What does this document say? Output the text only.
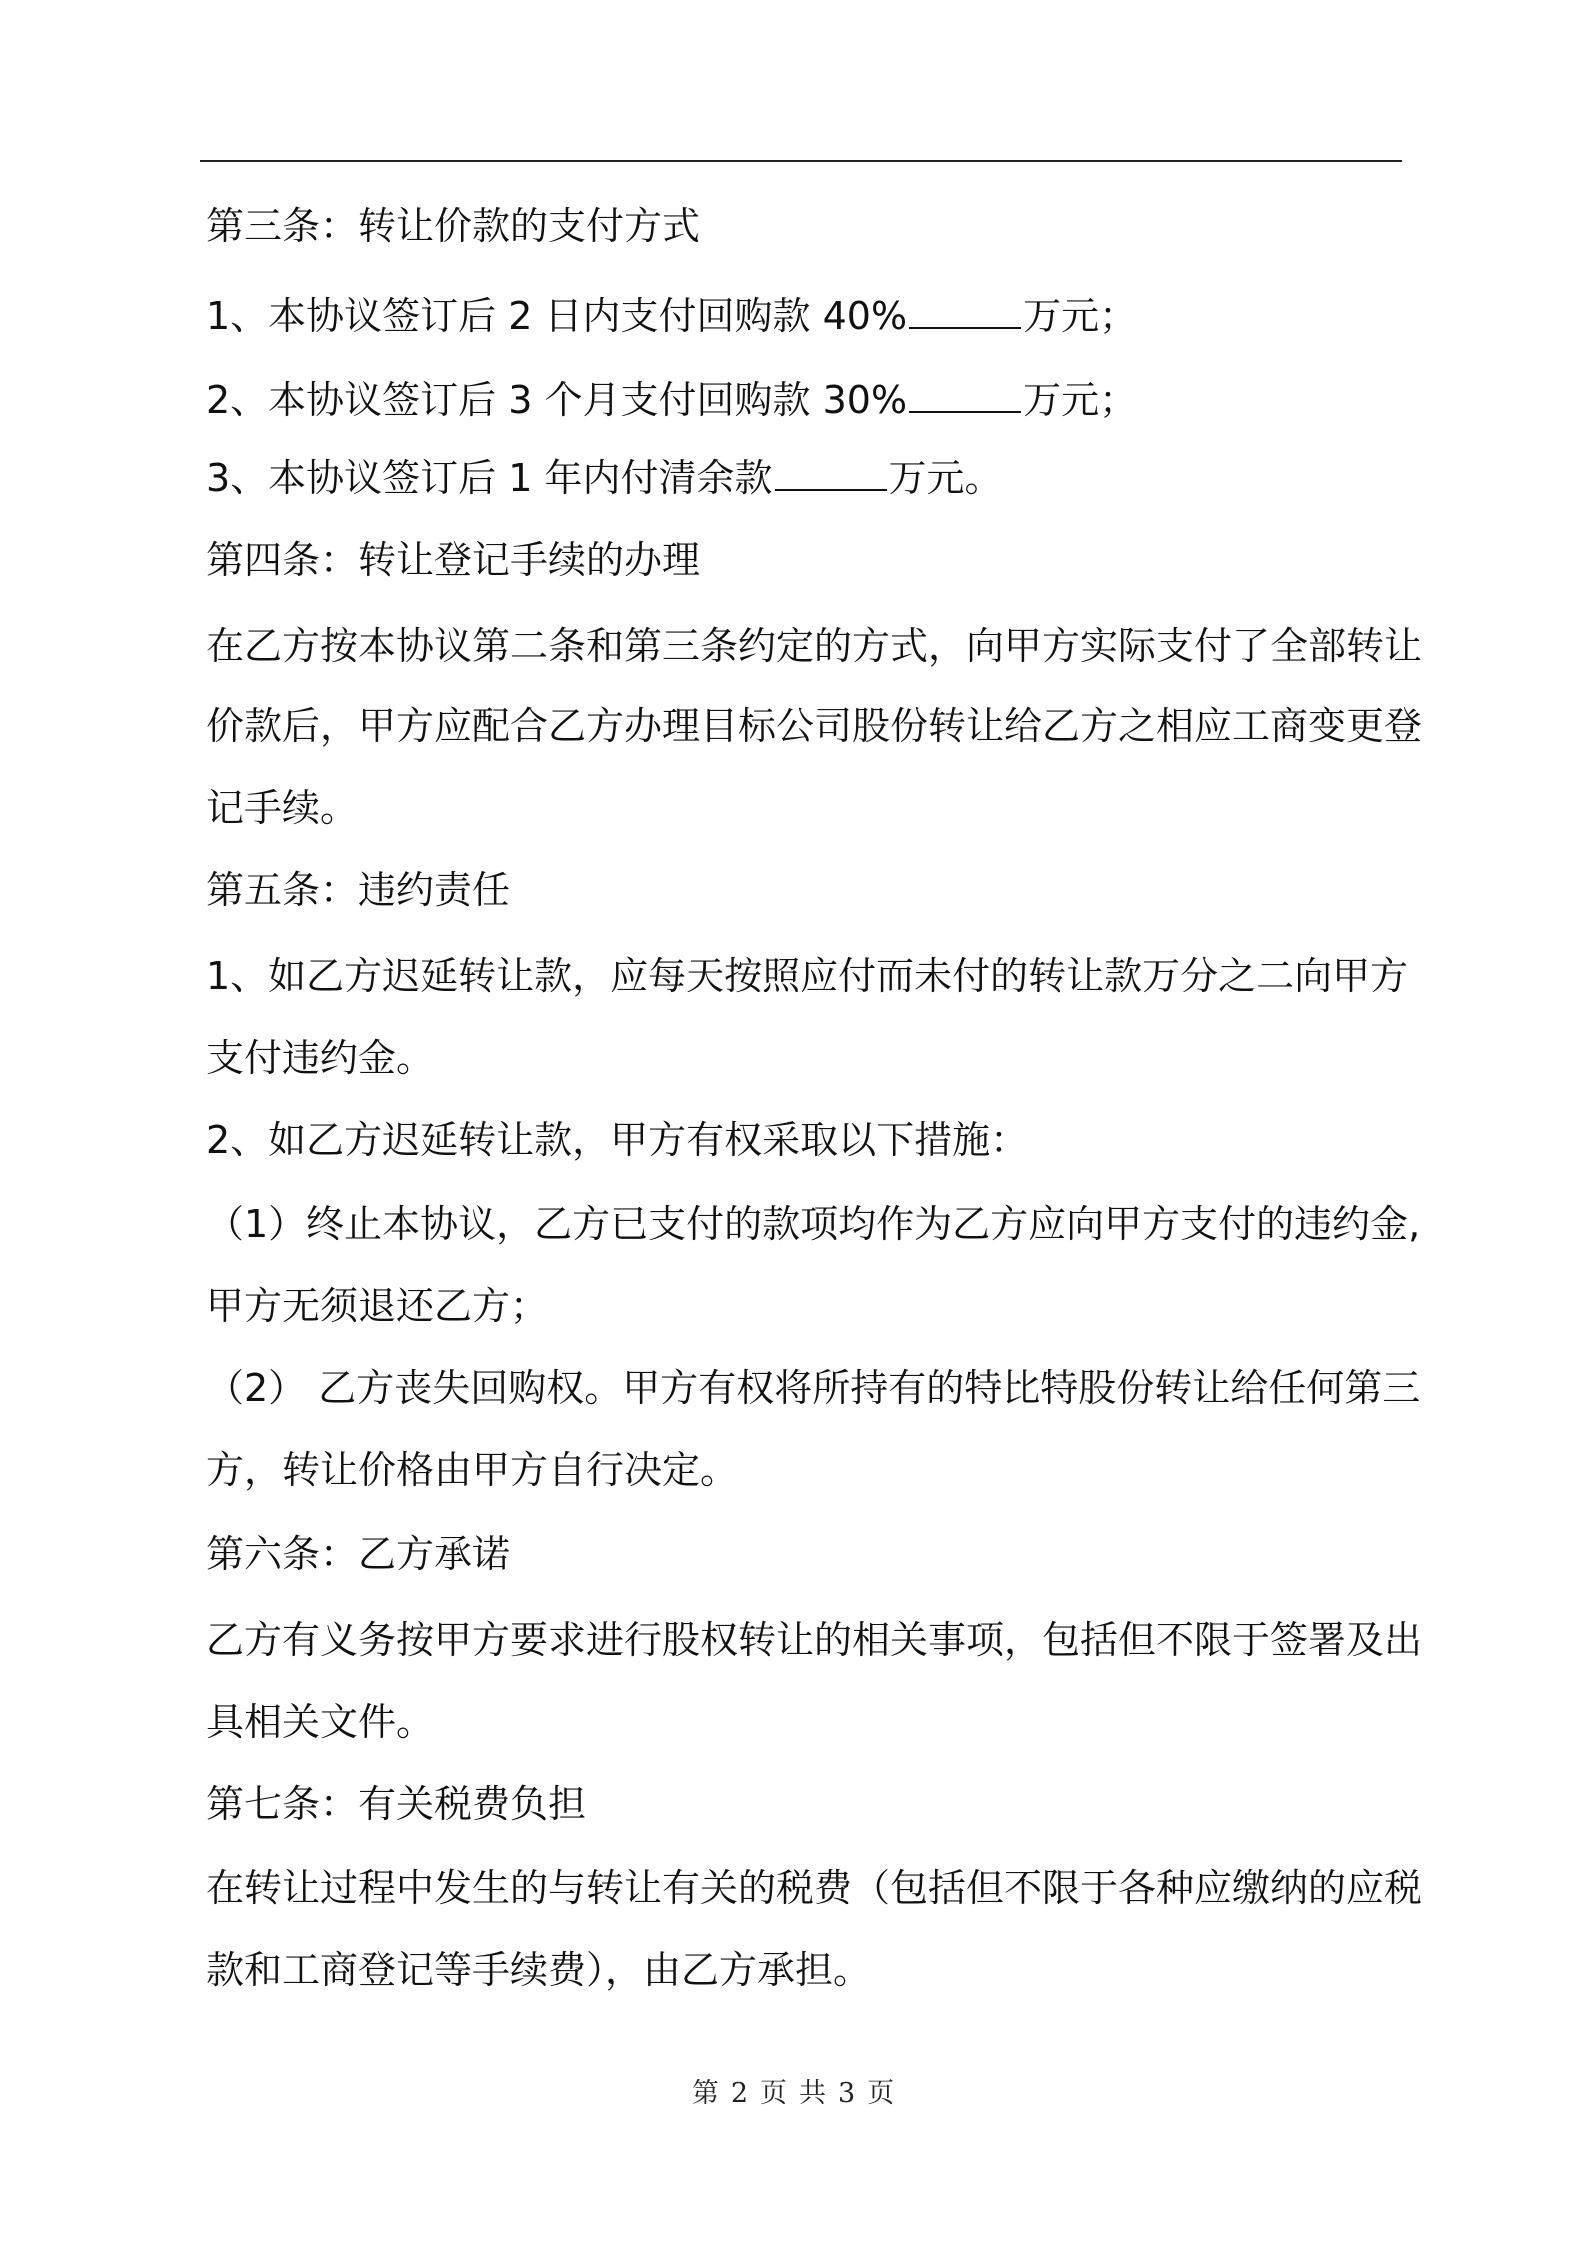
第三条：转让价款的支付方式
1、本协议签订后 2 日内支付回购款 40%	万元；
2、本协议签订后 3 个月支付回购款 30%	万元；
3、本协议签订后 1 年内付清余款	万元。
第四条：转让登记手续的办理
在乙方按本协议第二条和第三条约定的方式，向甲方实际支付了全部转让
价款后，甲方应配合乙方办理目标公司股份转让给乙方之相应工商变更登
记手续。
第五条：违约责任
1、如乙方迟延转让款，应每天按照应付而未付的转让款万分之二向甲方
支付违约金。
2、如乙方迟延转让款，甲方有权采取以下措施：
（1）终止本协议，乙方已支付的款项均作为乙方应向甲方支付的违约金,
甲方无须退还乙方；
（2） 乙方丧失回购权。甲方有权将所持有的特比特股份转让给任何第三
方，转让价格由甲方自行决定。
第六条：乙方承诺
乙方有义务按甲方要求进行股权转让的相关事项，包括但不限于签署及出
具相关文件。
第七条：有关税费负担
在转让过程中发生的与转让有关的税费（包括但不限于各种应缴纳的应税
款和工商登记等手续费），由乙方承担。
第 2 页 共 3 页
